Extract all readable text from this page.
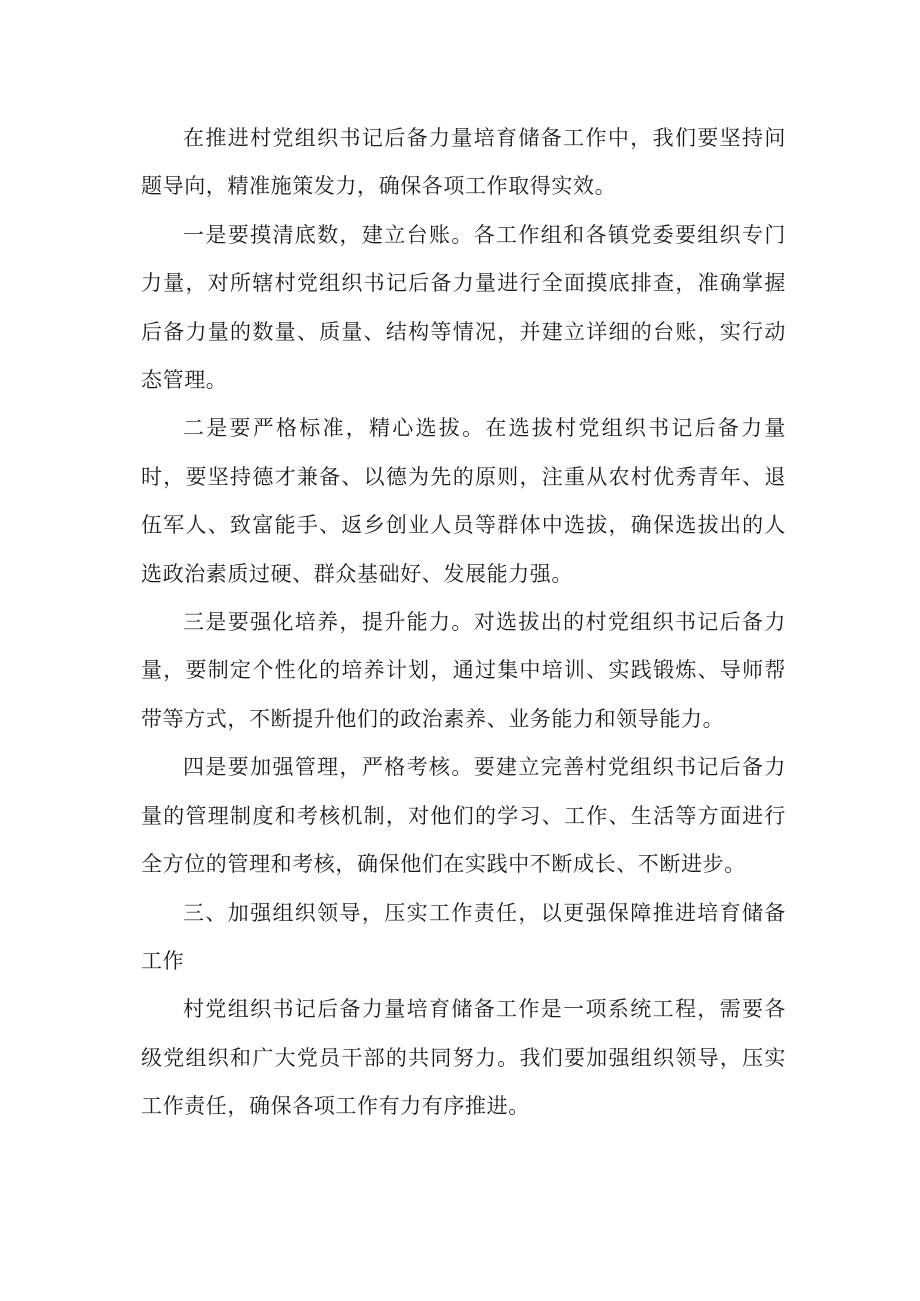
在推进村党组织书记后备力量培育储备工作中，我们要坚持问题导向，精准施策发力，确保各项工作取得实效。

一是要摸清底数，建立台账。各工作组和各镇党委要组织专门力量，对所辖村党组织书记后备力量进行全面摸底排查，准确掌握后备力量的数量、质量、结构等情况，并建立详细的台账，实行动态管理。

二是要严格标准，精心选拔。在选拔村党组织书记后备力量时，要坚持德才兼备、以德为先的原则，注重从农村优秀青年、退伍军人、致富能手、返乡创业人员等群体中选拔，确保选拔出的人选政治素质过硬、群众基础好、发展能力强。

三是要强化培养，提升能力。对选拔出的村党组织书记后备力量，要制定个性化的培养计划，通过集中培训、实践锻炼、导师帮带等方式，不断提升他们的政治素养、业务能力和领导能力。

四是要加强管理，严格考核。要建立完善村党组织书记后备力量的管理制度和考核机制，对他们的学习、工作、生活等方面进行全方位的管理和考核，确保他们在实践中不断成长、不断进步。

三、加强组织领导，压实工作责任，以更强保障推进培育储备工作

村党组织书记后备力量培育储备工作是一项系统工程，需要各级党组织和广大党员干部的共同努力。我们要加强组织领导，压实工作责任，确保各项工作有力有序推进。
